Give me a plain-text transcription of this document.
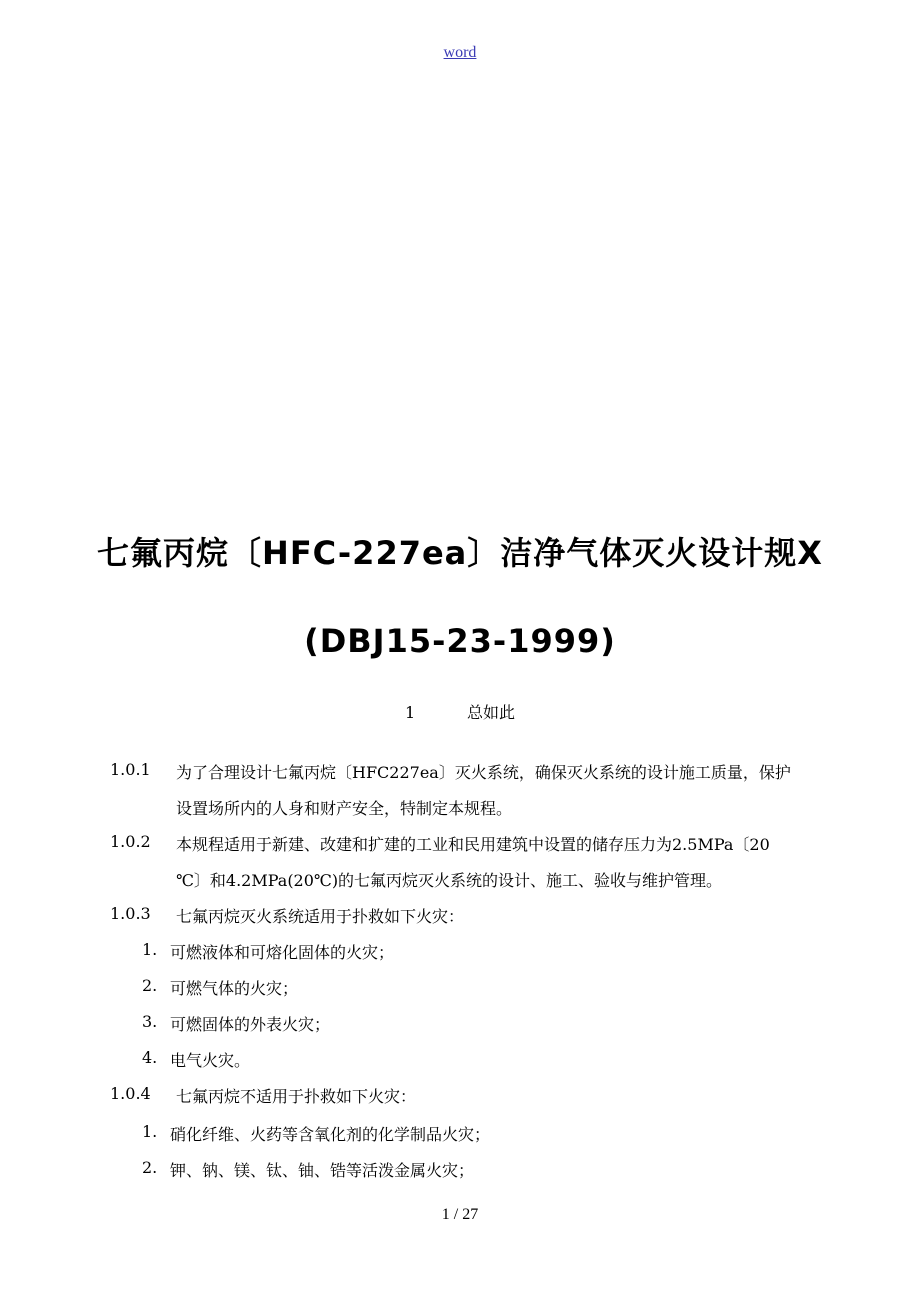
word
七氟丙烷〔HFC-227ea〕洁净气体灭火设计规X
(DBJ15-23-1999)
1	总如此
1.0.1 为了合理设计七氟丙烷〔HFC227ea〕灭火系统，确保灭火系统的设计施工质量，保护
设置场所内的人身和财产安全，特制定本规程。
1.0.2 本规程适用于新建、改建和扩建的工业和民用建筑中设置的储存压力为2.5MPa〔20
℃〕和4.2MPa(20℃)的七氟丙烷灭火系统的设计、施工、验收与维护管理。
1.0.3 七氟丙烷灭火系统适用于扑救如下火灾：
1. 可燃液体和可熔化固体的火灾；
2. 可燃气体的火灾；
3. 可燃固体的外表火灾；
4. 电气火灾。
1.0.4 七氟丙烷不适用于扑救如下火灾：
1. 硝化纤维、火药等含氧化剂的化学制品火灾；
2. 钾、钠、镁、钛、铀、锆等活泼金属火灾；
1 / 27
